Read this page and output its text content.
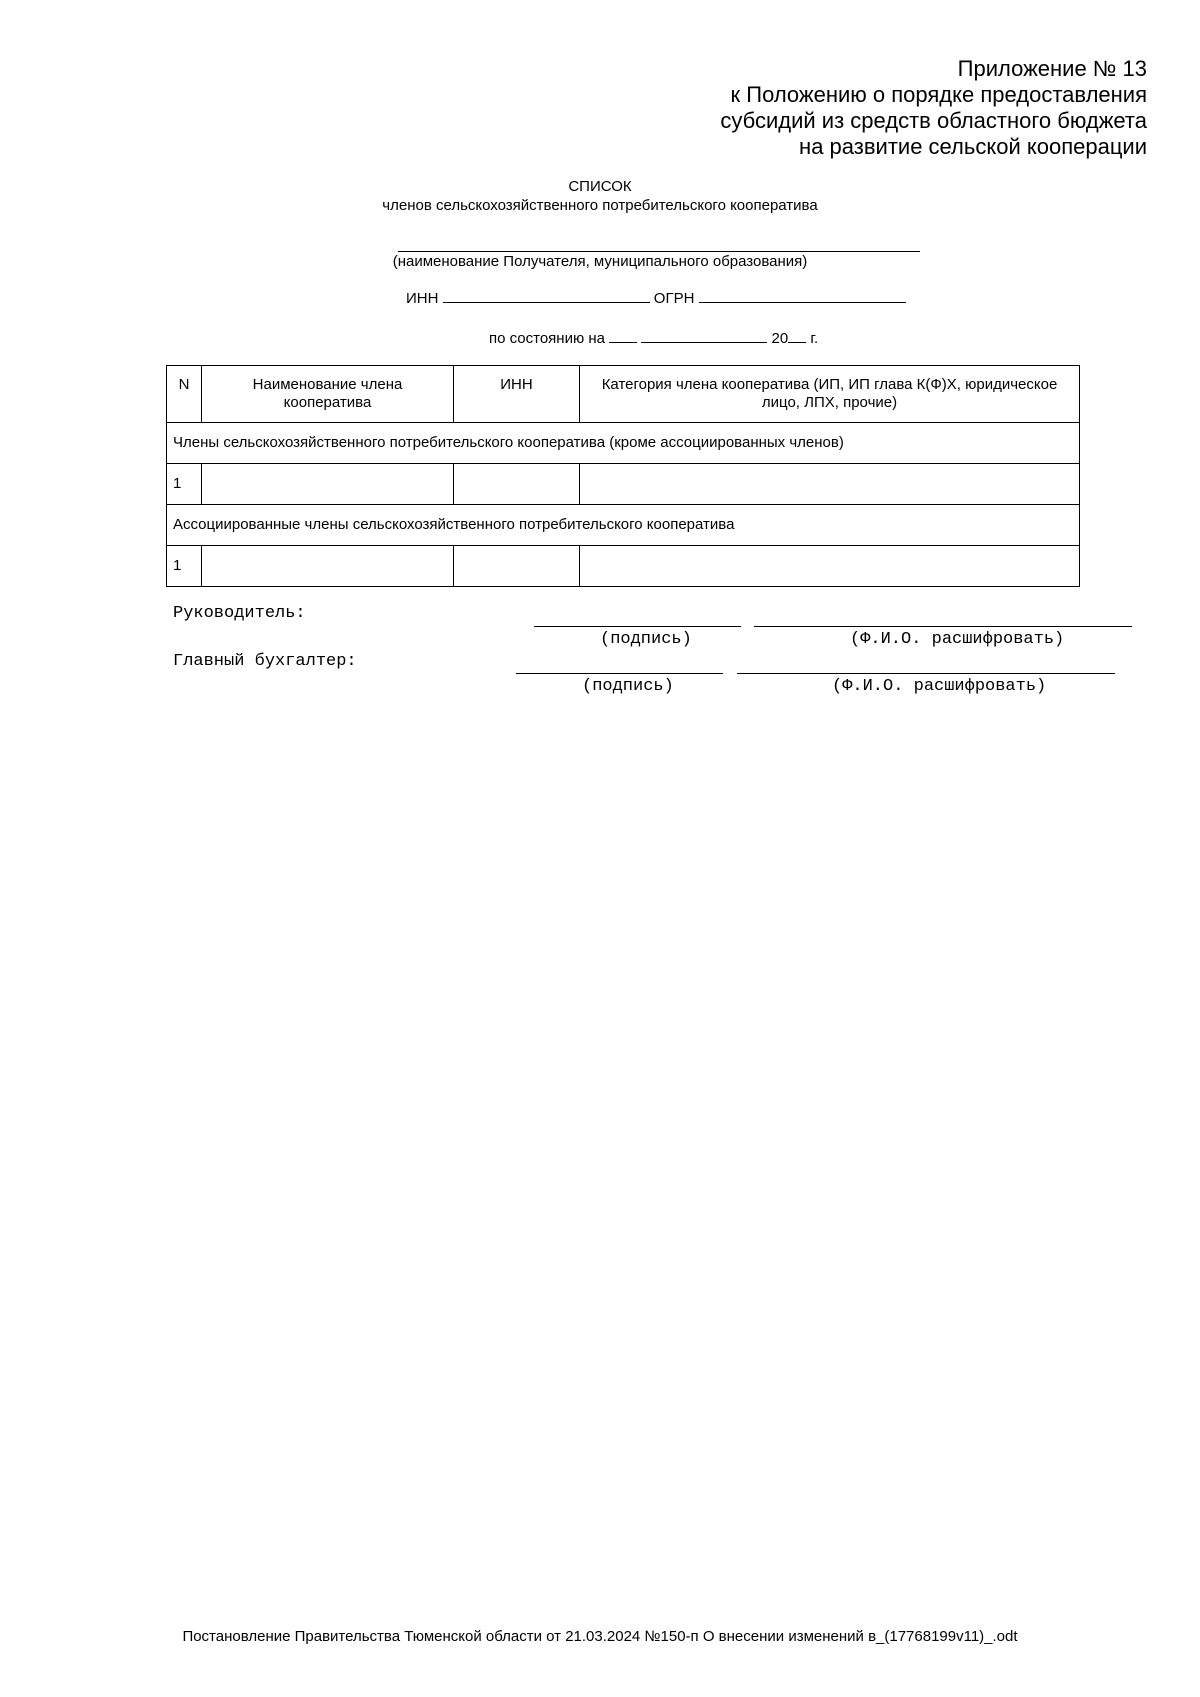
Приложение № 13
к Положению о порядке предоставления
субсидий из средств областного бюджета
на развитие сельской кооперации
СПИСОК
членов сельскохозяйственного потребительского кооператива
(наименование Получателя, муниципального образования)
ИНН	ОГРН
по состоянию на	20 г.
N	Наименование члена кооператива	ИНН	Категория члена кооператива (ИП, ИП глава К(Ф)Х, юридическое лицо, ЛПХ, прочие)
Члены сельскохозяйственного потребительского кооператива (кроме ассоциированных членов)			
1			
Ассоциированные члены сельскохозяйственного потребительского кооператива			
1			
Руководитель:
(подпись)	(Ф.И.О. расшифровать)
Главный бухгалтер:
(подпись)	(Ф.И.О. расшифровать)
Постановление Правительства Тюменской области от 21.03.2024 №150-п О внесении изменений в_(17768199v11)_.odt
